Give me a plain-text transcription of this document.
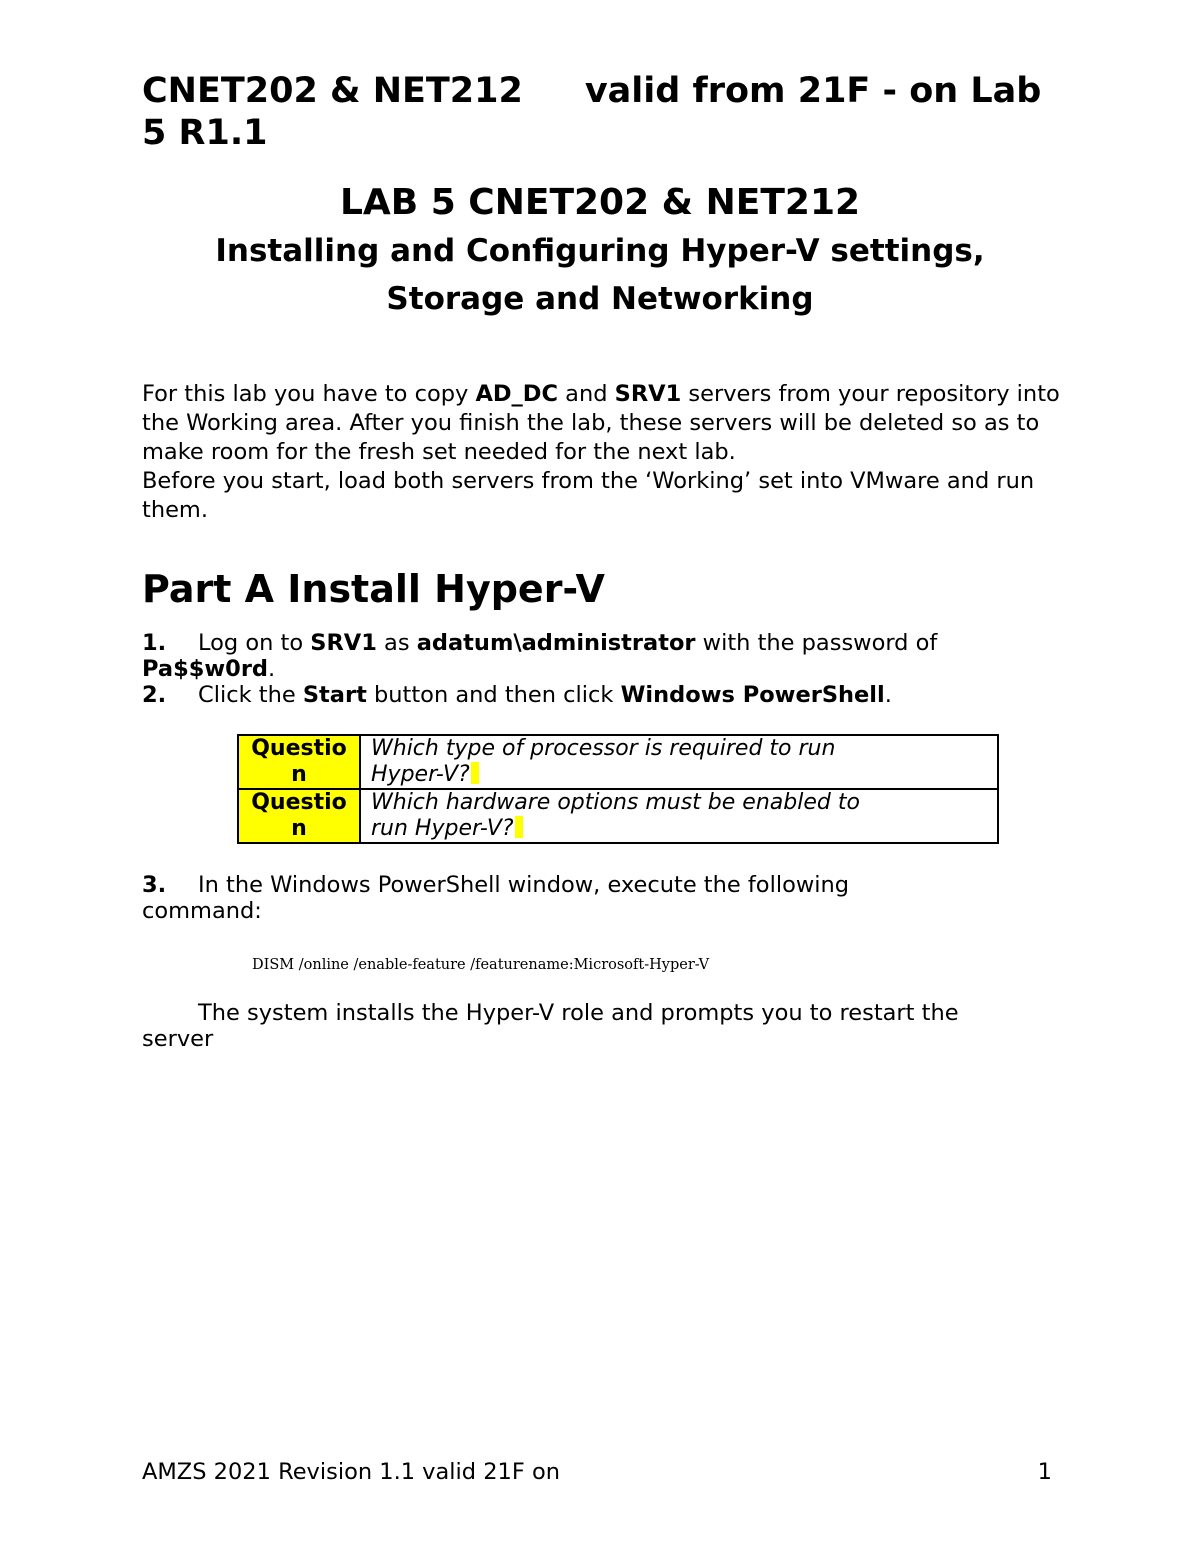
CNET202 & NET212 valid from 21F - on Lab
5 R1.1
LAB 5 CNET202 & NET212
Installing and Configuring Hyper-V settings,
Storage and Networking

For this lab you have to copy AD_DC and SRV1 servers from your repository into the Working area. After you finish the lab, these servers will be deleted so as to make room for the fresh set needed for the next lab.

Before you start, load both servers from the ‘Working’ set into VMware and run them.

Part A Install Hyper-V

1. Log on to SRV1 as adatum\administrator with the password of
Pa$$w0rd.

2. Click the Start button and then click Windows PowerShell.

Questio
n	Which type of processor is required to run
Hyper-V?
Questio
n	Which hardware options must be enabled to
run Hyper-V?
3. In the Windows PowerShell window, execute the following
command:
DISM /online /enable-feature /featurename:Microsoft-Hyper-V
The system installs the Hyper-V role and prompts you to restart the
server
AMZS 2021 Revision 1.1 valid 21F on	1
